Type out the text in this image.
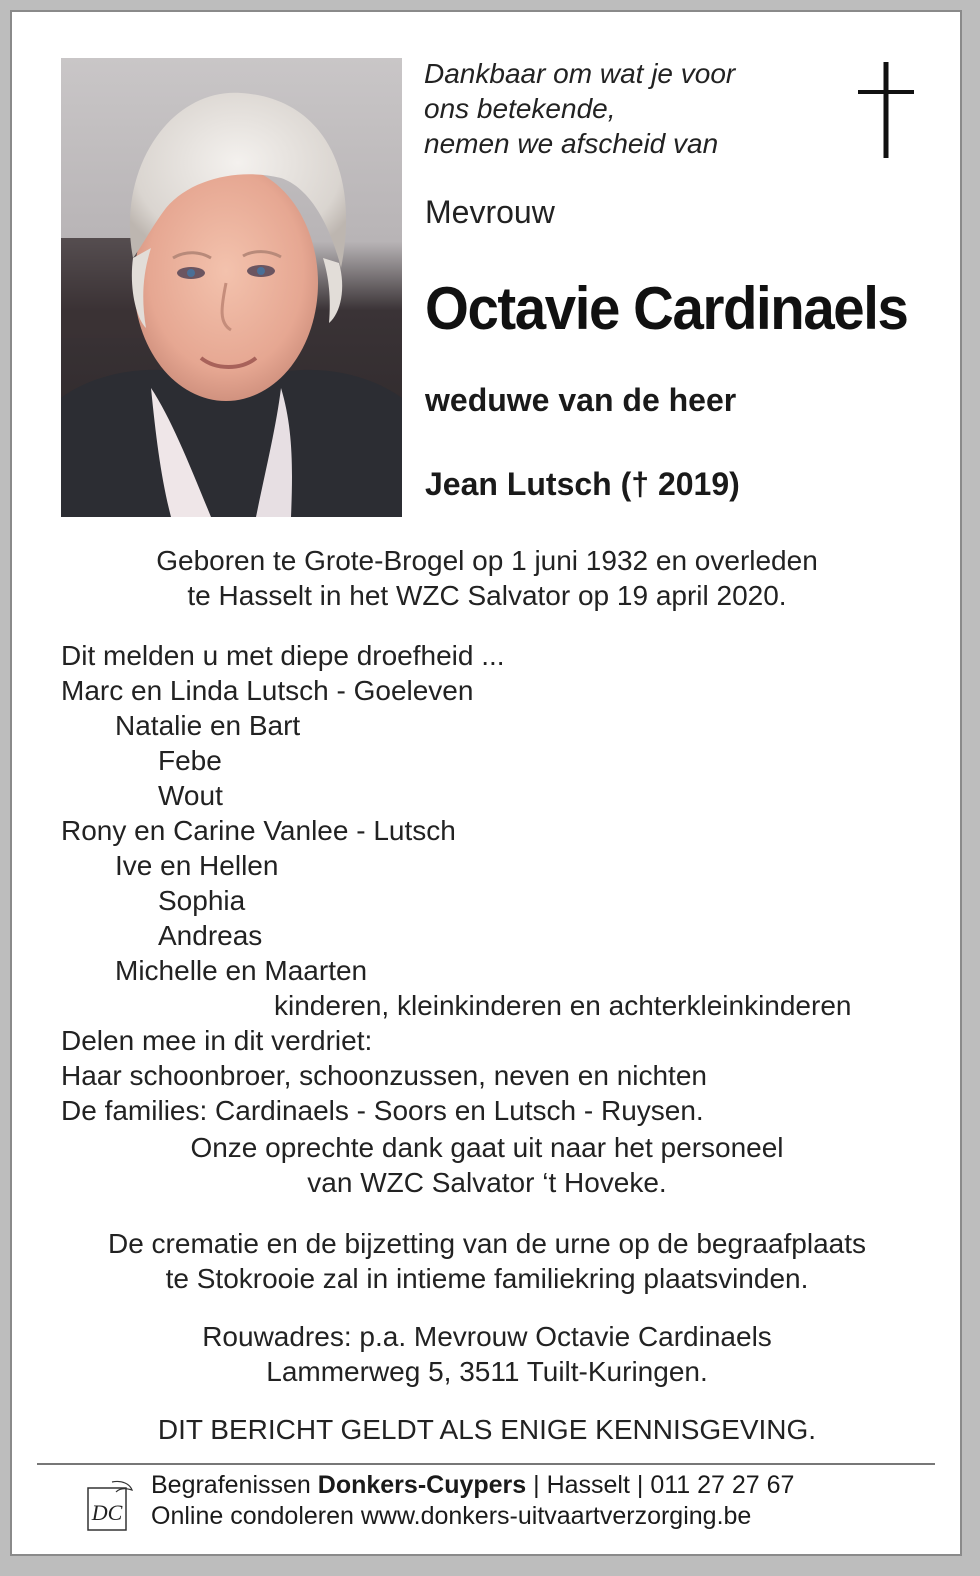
Dankbaar om wat je voor
ons betekende,
nemen we afscheid van
Mevrouw
Octavie Cardinaels
weduwe van de heer
Jean Lutsch († 2019)
Geboren te Grote-Brogel op 1 juni 1932 en overleden
te Hasselt in het WZC Salvator op 19 april 2020.
Dit melden u met diepe droefheid ...
Marc en Linda Lutsch - Goeleven
Natalie en Bart
Febe
Wout
Rony en Carine Vanlee - Lutsch
Ive en Hellen
Sophia
Andreas
Michelle en Maarten
kinderen, kleinkinderen en achterkleinkinderen
Delen mee in dit verdriet:
Haar schoonbroer, schoonzussen, neven en nichten
De families: Cardinaels - Soors en Lutsch - Ruysen.
Onze oprechte dank gaat uit naar het personeel
van WZC Salvator ‘t Hoveke.
De crematie en de bijzetting van de urne op de begraafplaats
te Stokrooie zal in intieme familiekring plaatsvinden.
Rouwadres: p.a. Mevrouw Octavie Cardinaels
Lammerweg 5, 3511 Tuilt-Kuringen.
DIT BERICHT GELDT ALS ENIGE KENNISGEVING.
DC
Begrafenissen Donkers-Cuypers | Hasselt | 011 27 27 67
Online condoleren www.donkers-uitvaartverzorging.be
